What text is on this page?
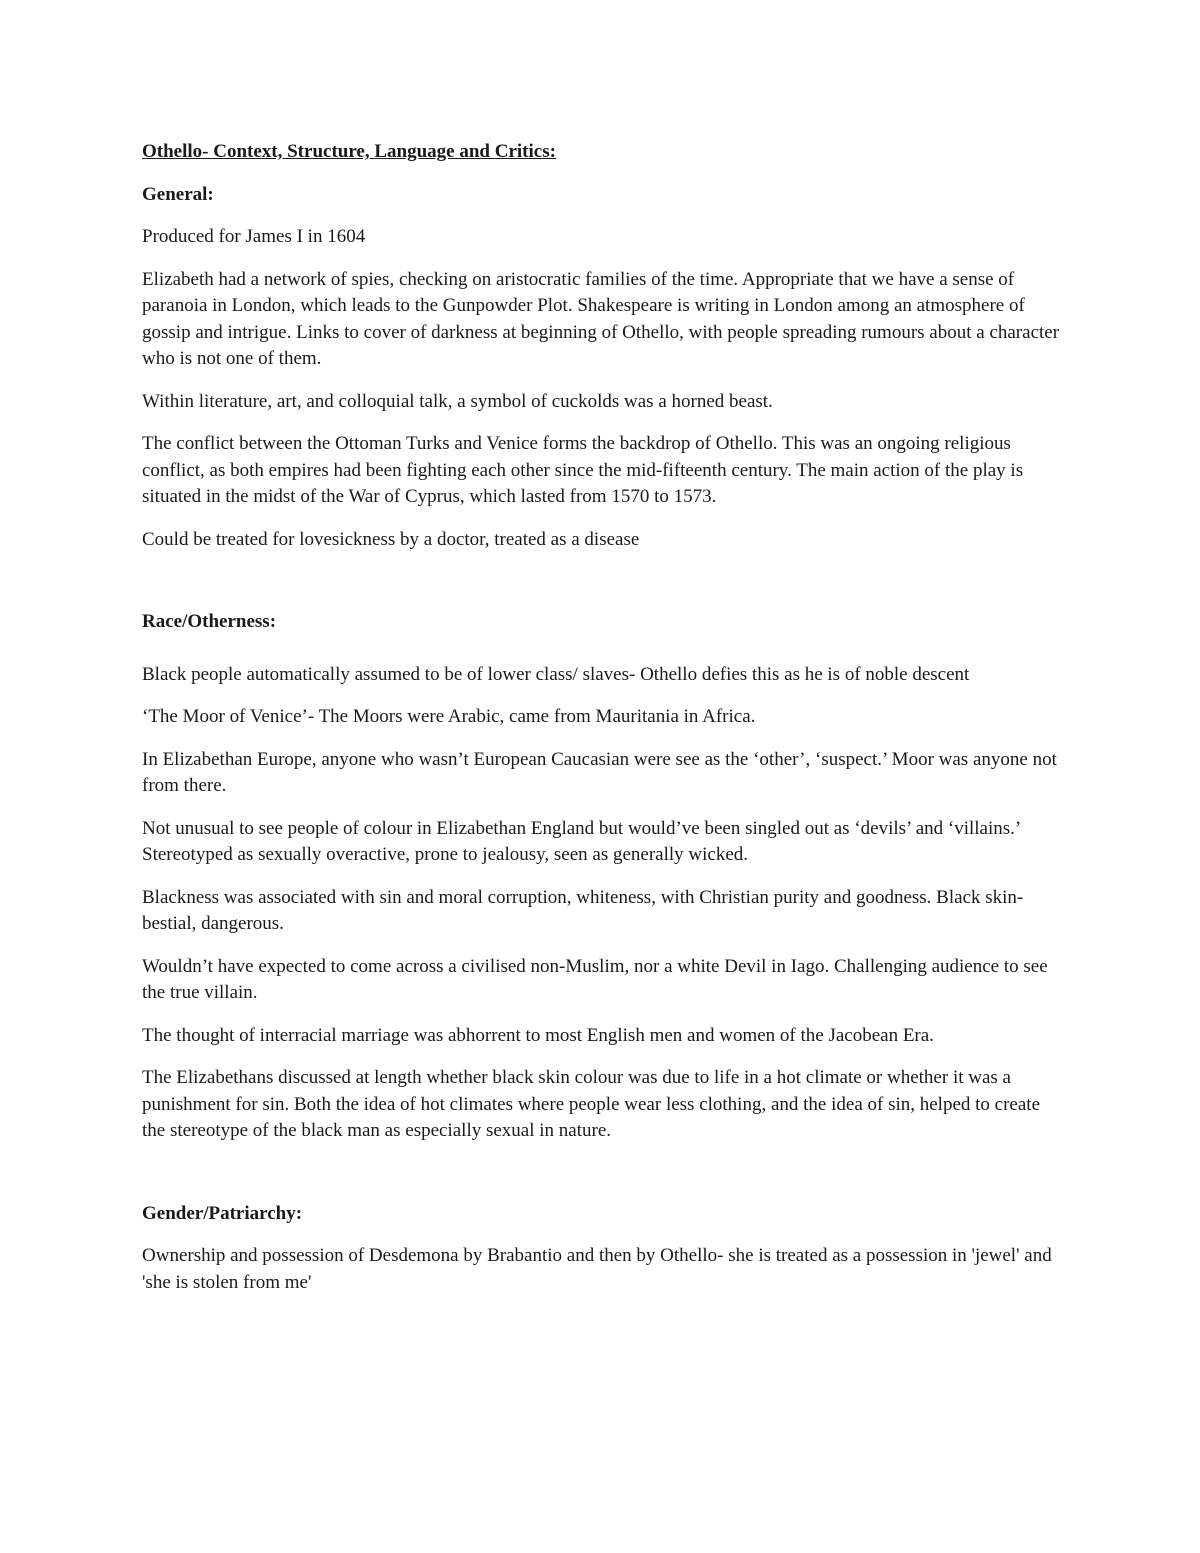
Othello- Context, Structure, Language and Critics:
General:

Produced for James I in 1604

Elizabeth had a network of spies, checking on aristocratic families of the time. Appropriate that we have a sense of paranoia in London, which leads to the Gunpowder Plot. Shakespeare is writing in London among an atmosphere of gossip and intrigue. Links to cover of darkness at beginning of Othello, with people spreading rumours about a character who is not one of them.

Within literature, art, and colloquial talk, a symbol of cuckolds was a horned beast.

The conflict between the Ottoman Turks and Venice forms the backdrop of Othello. This was an ongoing religious conflict, as both empires had been fighting each other since the mid-fifteenth century. The main action of the play is situated in the midst of the War of Cyprus, which lasted from 1570 to 1573.

Could be treated for lovesickness by a doctor, treated as a disease

Race/Otherness:

Black people automatically assumed to be of lower class/ slaves- Othello defies this as he is of noble descent

‘The Moor of Venice’- The Moors were Arabic, came from Mauritania in Africa.

In Elizabethan Europe, anyone who wasn’t European Caucasian were see as the ‘other’, ‘suspect.’ Moor was anyone not from there.

Not unusual to see people of colour in Elizabethan England but would’ve been singled out as ‘devils’ and ‘villains.’ Stereotyped as sexually overactive, prone to jealousy, seen as generally wicked.

Blackness was associated with sin and moral corruption, whiteness, with Christian purity and goodness. Black skin- bestial, dangerous.

Wouldn’t have expected to come across a civilised non-Muslim, nor a white Devil in Iago. Challenging audience to see the true villain.

The thought of interracial marriage was abhorrent to most English men and women of the Jacobean Era.

The Elizabethans discussed at length whether black skin colour was due to life in a hot climate or whether it was a punishment for sin. Both the idea of hot climates where people wear less clothing, and the idea of sin, helped to create the stereotype of the black man as especially sexual in nature.

Gender/Patriarchy:

Ownership and possession of Desdemona by Brabantio and then by Othello- she is treated as a possession in 'jewel' and 'she is stolen from me'
